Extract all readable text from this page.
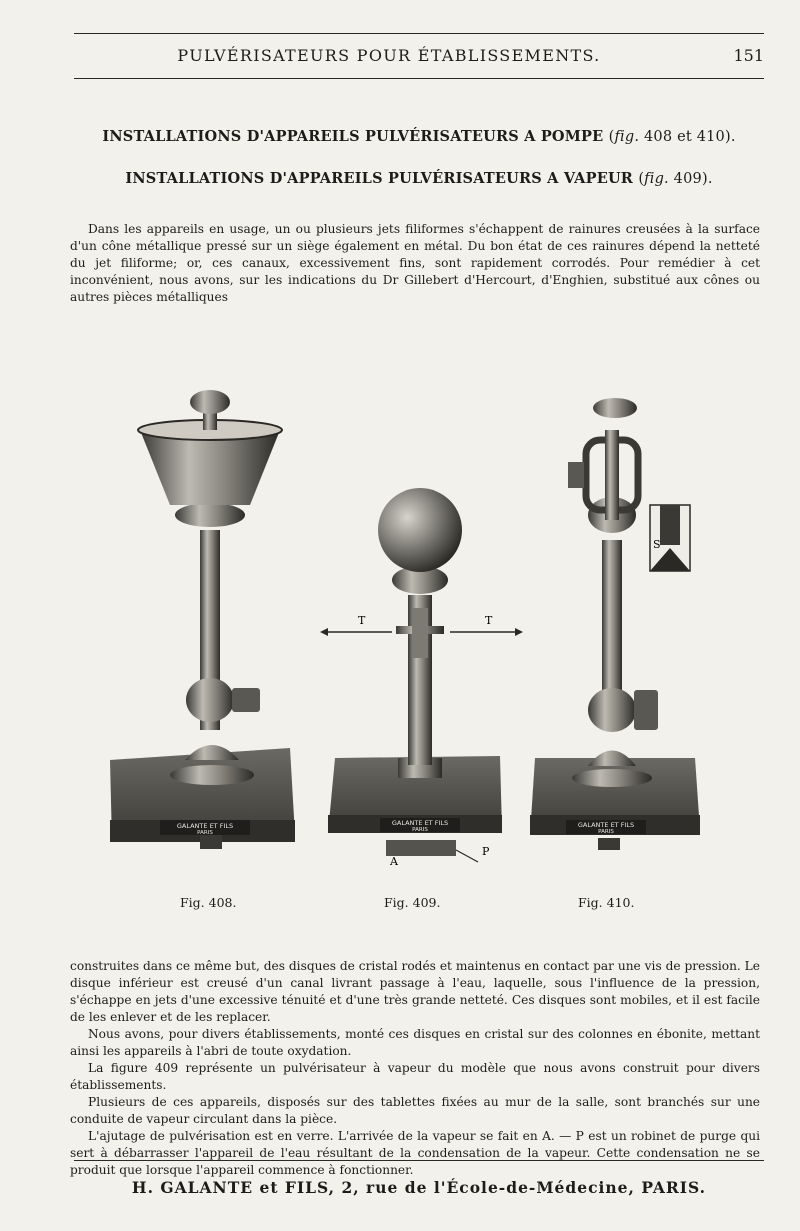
PULVÉRISATEURS POUR ÉTABLISSEMENTS.	151
INSTALLATIONS D'APPAREILS PULVÉRISATEURS A POMPE (fig. 408 et 410).
INSTALLATIONS D'APPAREILS PULVÉRISATEURS A VAPEUR (fig. 409).

Dans les appareils en usage, un ou plusieurs jets filiformes s'échappent de rainures creusées à la surface d'un cône métallique pressé sur un siège également en métal. Du bon état de ces rainures dépend la netteté du jet filiforme; or, ces canaux, excessivement fins, sont rapidement corrodés. Pour remédier à cet inconvénient, nous avons, sur les indications du Dr Gillebert d'Hercourt, d'Enghien, substitué aux cônes ou autres pièces métalliques

GALANTE ET FILS
PARIS
T	T
A
P
GALANTE ET FILS
PARIS
S
GALANTE ET FILS
PARIS
Fig. 408.	Fig. 409.	Fig. 410.

construites dans ce même but, des disques de cristal rodés et maintenus en contact par une vis de pression. Le disque inférieur est creusé d'un canal livrant passage à l'eau, laquelle, sous l'influence de la pression, s'échappe en jets d'une excessive ténuité et d'une très grande netteté. Ces disques sont mobiles, et il est facile de les enlever et de les replacer.

Nous avons, pour divers établissements, monté ces disques en cristal sur des colonnes en ébonite, mettant ainsi les appareils à l'abri de toute oxydation.

La figure 409 représente un pulvérisateur à vapeur du modèle que nous avons construit pour divers établissements.

Plusieurs de ces appareils, disposés sur des tablettes fixées au mur de la salle, sont branchés sur une conduite de vapeur circulant dans la pièce.

L'ajutage de pulvérisation est en verre. L'arrivée de la vapeur se fait en A. — P est un robinet de purge qui sert à débarrasser l'appareil de l'eau résultant de la condensation de la vapeur. Cette condensation ne se produit que lorsque l'appareil commence à fonctionner.

H. GALANTE et FILS, 2, rue de l'École-de-Médecine, PARIS.
